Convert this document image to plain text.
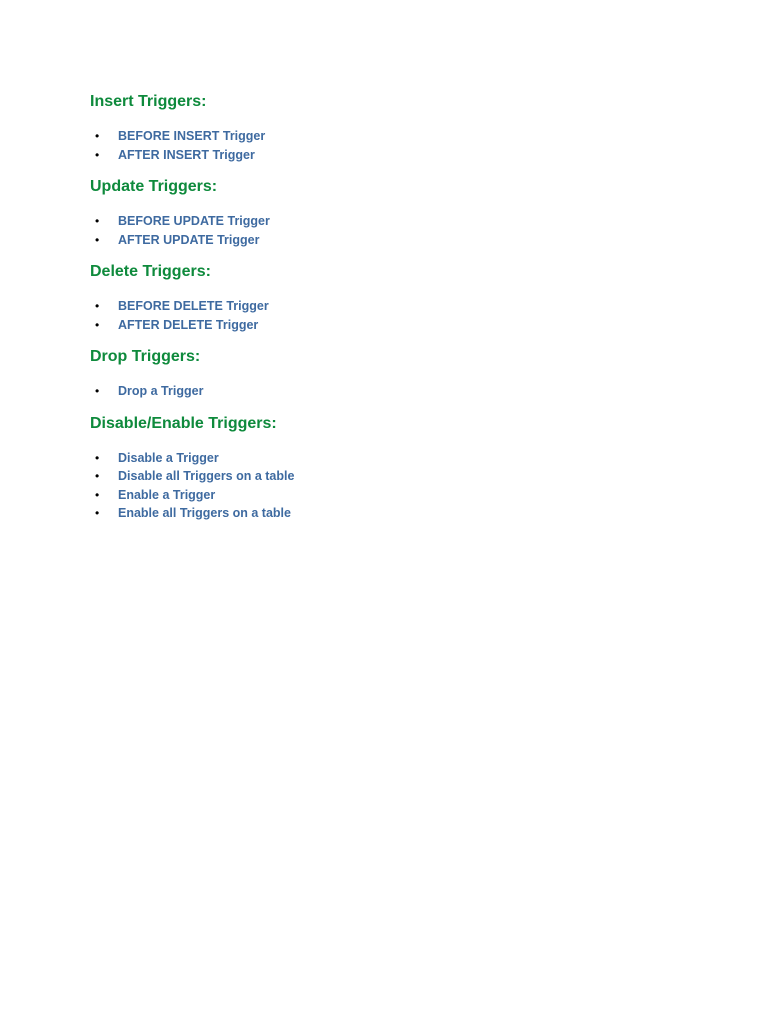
Insert Triggers:
• BEFORE INSERT Trigger
• AFTER INSERT Trigger
Update Triggers:
• BEFORE UPDATE Trigger
• AFTER UPDATE Trigger
Delete Triggers:
• BEFORE DELETE Trigger
• AFTER DELETE Trigger
Drop Triggers:
• Drop a Trigger
Disable/Enable Triggers:
• Disable a Trigger
• Disable all Triggers on a table
• Enable a Trigger
• Enable all Triggers on a table
